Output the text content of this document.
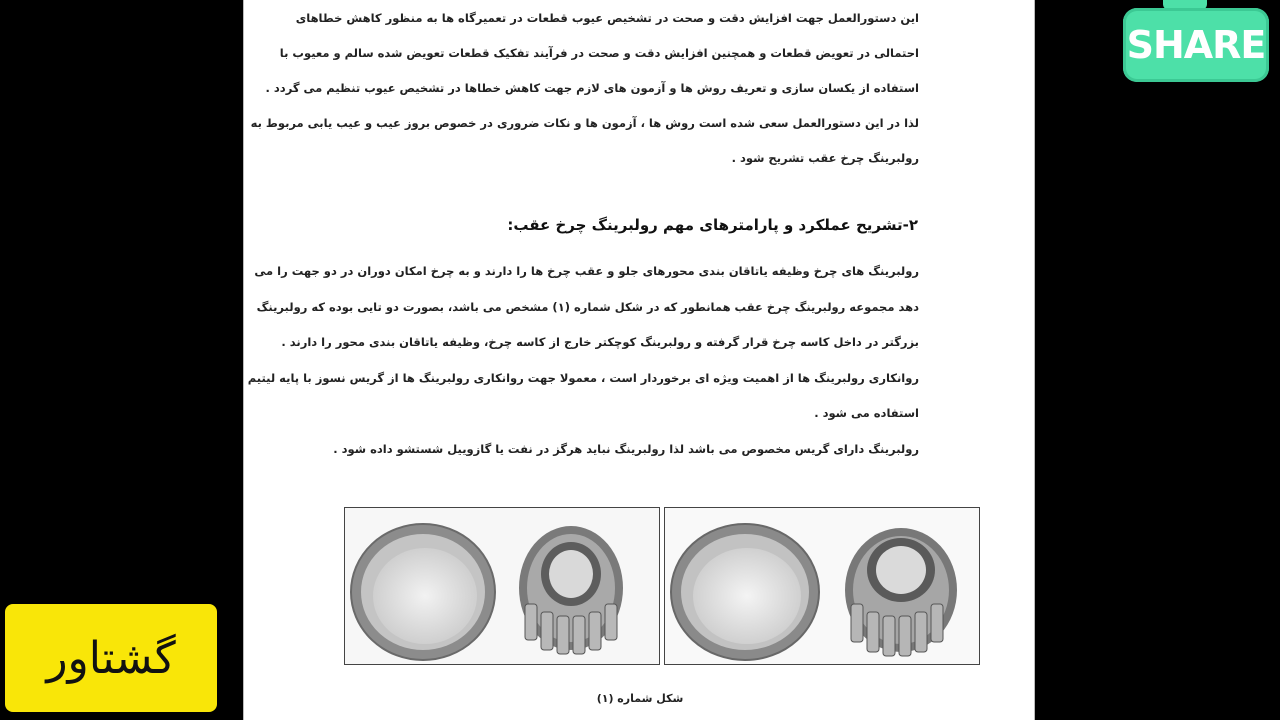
این دستورالعمل جهت افزایش دقت و صحت در تشخیص عیوب قطعات در تعمیرگاه ها به منظور کاهش خطاهای
احتمالی در تعویض قطعات و همچنین افزایش دقت و صحت در فرآیند تفکیک قطعات تعویض شده سالم و معیوب با
استفاده از یکسان سازی و تعریف روش ها و آزمون های لازم جهت کاهش خطاها در تشخیص عیوب تنظیم می گردد .
لذا در این دستورالعمل سعی شده است روش ها ، آزمون ها و نکات ضروری در خصوص بروز عیب و عیب یابی مربوط به
رولبرینگ چرخ عقب تشریح شود .
۲-تشریح عملکرد و پارامترهای مهم رولبرینگ چرخ عقب:
رولبرینگ های چرخ وظیفه یاتاقان بندی محورهای جلو و عقب چرخ ها را دارند و به چرخ امکان دوران در دو جهت را می
دهد مجموعه رولبرینگ چرخ عقب همانطور که در شکل شماره (۱) مشخص می باشد، بصورت دو تایی بوده که رولبرینگ
بزرگتر در داخل کاسه چرخ قرار گرفته و رولبرینگ کوچکتر خارج از کاسه چرخ، وظیفه یاتاقان بندی محور را دارند .
روانکاری رولبرینگ ها از اهمیت ویژه ای برخوردار است ، معمولا جهت روانکاری رولبرینگ ها از گریس نسوز با پایه لیتیم
استفاده می شود .
رولبرینگ دارای گریس مخصوص می باشد لذا رولبرینگ نباید هرگز در نفت یا گازوییل شستشو داده شود .
شکل شماره (۱)
SHARE
گشتاور
